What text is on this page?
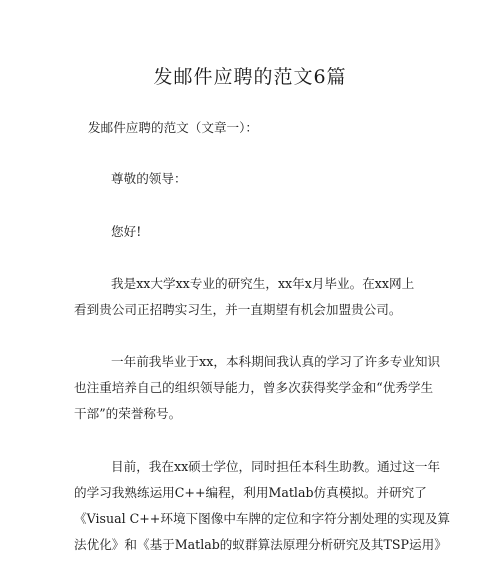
发邮件应聘的范文6篇
发邮件应聘的范文（文章一）：
尊敬的领导：
您好!
我是xx大学xx专业的研究生，xx年x月毕业。在xx网上
看到贵公司正招聘实习生，并一直期望有机会加盟贵公司。
一年前我毕业于xx，本科期间我认真的学习了许多专业知识
也注重培养自己的组织领导能力，曾多次获得奖学金和“优秀学生
干部”的荣誉称号。
目前，我在xx硕士学位，同时担任本科生助教。通过这一年
的学习我熟练运用C++编程，利用Matlab仿真模拟。并研究了
《Visual C++环境下图像中车牌的定位和字符分割处理的实现及算
法优化》和《基于Matlab的蚁群算法原理分析研究及其TSP运用》
